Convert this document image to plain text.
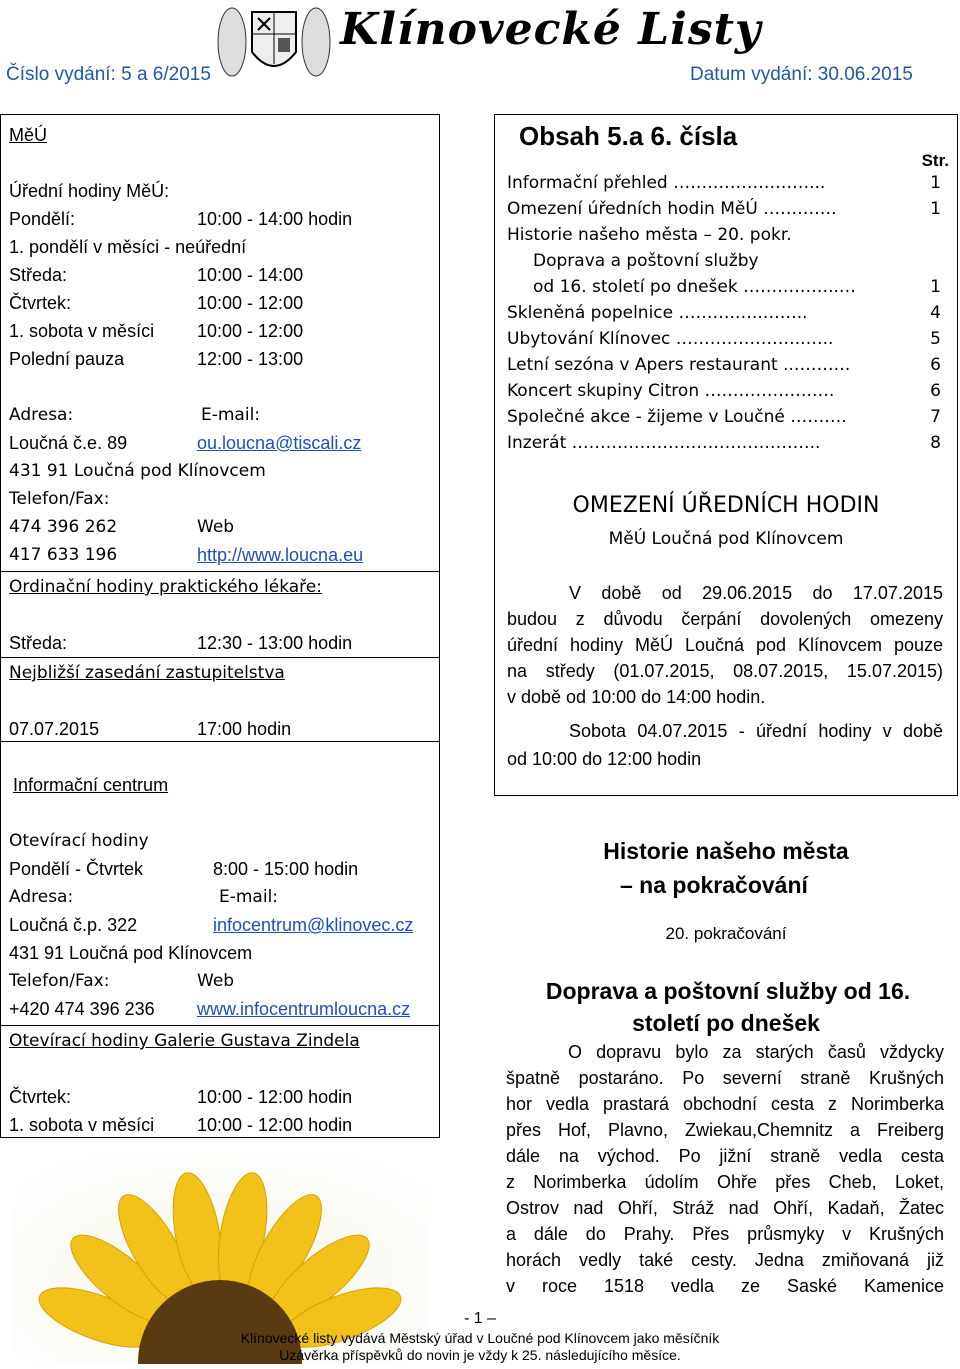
Klínovecké Listy
Číslo vydání: 5 a 6/2015	Datum vydání: 30.06.2015
MěÚ
Úřední hodiny MěÚ:
Pondělí:	10:00 - 14:00 hodin
1. pondělí v měsíci - neúřední
Středa:	10:00 - 14:00
Čtvrtek:	10:00 - 12:00
1. sobota v měsíci 10:00 - 12:00
Polední pauza	12:00 - 13:00
Adresa:	E-mail:
Loučná č.e. 89	ou.loucna@tiscali.cz
431 91 Loučná pod Klínovcem
Telefon/Fax:
474 396 262	Web
417 633 196	http://www.loucna.eu
Ordinační hodiny praktického lékaře:
Středa:	12:30 - 13:00 hodin
Nejbližší zasedání zastupitelstva
07.07.2015	17:00 hodin
Informační centrum
Otevírací hodiny
Pondělí - Čtvrtek	8:00 - 15:00 hodin
Adresa:	E-mail:
Loučná č.p. 322	infocentrum@klinovec.cz
431 91 Loučná pod Klínovcem
Telefon/Fax:	Web
+420 474 396 236 www.infocentrumloucna.cz
Otevírací hodiny Galerie Gustava Zindela
Čtvrtek:	10:00 - 12:00 hodin
1. sobota v měsíci 10:00 - 12:00 hodin
Obsah 5.a 6. čísla
Str.
Informační přehled ……………………...	1
Omezení úředních hodin MěÚ ………….	1
Historie našeho města – 20. pokr.
Doprava a poštovní služby
od 16. století po dnešek ……………..…	1
Skleněná popelnice ……….…..……..	4
Ubytování Klínovec …………………..…..	5
Letní sezóna v Apers restaurant ..……….	6
Koncert skupiny Citron ……………….….	6
Společné akce - žijeme v Loučné ……….	7
Inzerát ……………………………………..	8
OMEZENÍ ÚŘEDNÍCH HODIN
MěÚ Loučná pod Klínovcem
V době od 29.06.2015 do 17.07.2015
budou z důvodu čerpání dovolených omezeny
úřední hodiny MěÚ Loučná pod Klínovcem pouze
na středy (01.07.2015, 08.07.2015, 15.07.2015)
v době od 10:00 do 14:00 hodin.
Sobota 04.07.2015 - úřední hodiny v době
od 10:00 do 12:00 hodin
Historie našeho města
– na pokračování
20. pokračování
Doprava a poštovní služby od 16.
století po dnešek
O dopravu bylo za starých časů vždycky
špatně postaráno. Po severní straně Krušných
hor vedla prastará obchodní cesta z Norimberka
přes Hof, Plavno, Zwiekau,Chemnitz a Freiberg
dále na východ. Po jižní straně vedla cesta
z Norimberka údolím Ohře přes Cheb, Loket,
Ostrov nad Ohří, Stráž nad Ohří, Kadaň, Žatec
a dále do Prahy. Přes průsmyky v Krušných
horách vedly také cesty. Jedna zmiňovaná již
v roce 1518 vedla ze Saské Kamenice
- 1 –
Klínovecké listy vydává Městský úřad v Loučné pod Klínovcem jako měsíčník
Uzávěrka příspěvků do novin je vždy k 25. následujícího měsíce.
